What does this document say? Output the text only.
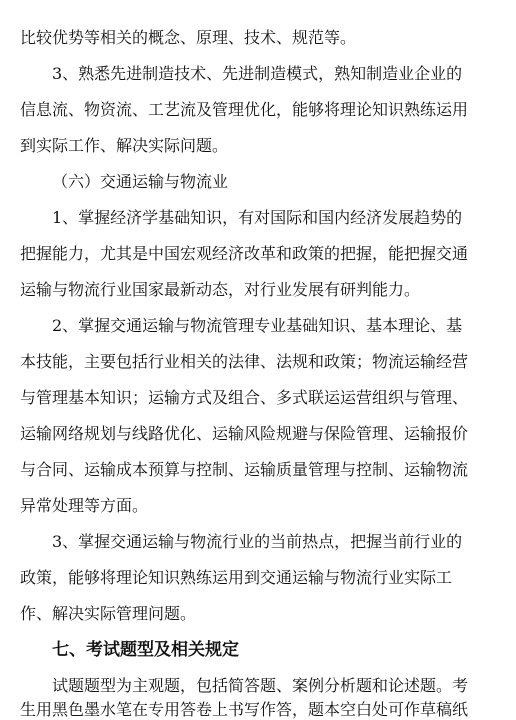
比较优势等相关的概念、原理、技术、规范等。
3、熟悉先进制造技术、先进制造模式，熟知制造业企业的
信息流、物资流、工艺流及管理优化，能够将理论知识熟练运用
到实际工作、解决实际问题。
（六）交通运输与物流业
1、掌握经济学基础知识，有对国际和国内经济发展趋势的
把握能力，尤其是中国宏观经济改革和政策的把握，能把握交通
运输与物流行业国家最新动态，对行业发展有研判能力。
2、掌握交通运输与物流管理专业基础知识、基本理论、基
本技能，主要包括行业相关的法律、法规和政策；物流运输经营
与管理基本知识；运输方式及组合、多式联运运营组织与管理、
运输网络规划与线路优化、运输风险规避与保险管理、运输报价
与合同、运输成本预算与控制、运输质量管理与控制、运输物流
异常处理等方面。
3、掌握交通运输与物流行业的当前热点，把握当前行业的
政策，能够将理论知识熟练运用到交通运输与物流行业实际工
作、解决实际管理问题。
七、考试题型及相关规定
试题题型为主观题，包括简答题、案例分析题和论述题。考
生用黑色墨水笔在专用答卷上书写作答，题本空白处可作草稿纸
